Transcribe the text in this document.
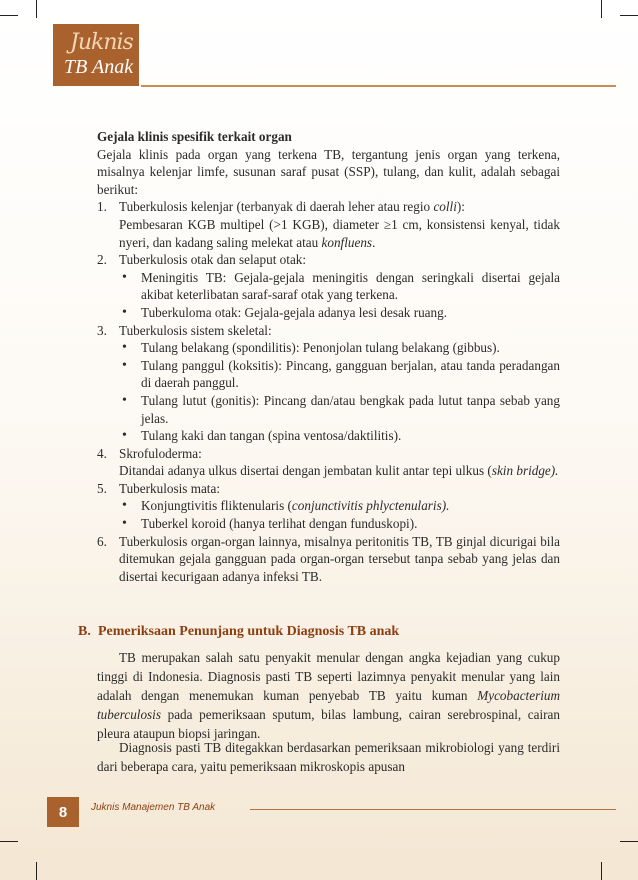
Juknis
TB Anak

Gejala klinis spesifik terkait organ

Gejala klinis pada organ yang terkena TB, tergantung jenis organ yang terkena, misalnya kelenjar limfe, susunan saraf pusat (SSP), tulang, dan kulit, adalah sebagai berikut:

1. Tuberkulosis kelenjar (terbanyak di daerah leher atau regio colli):
Pembesaran KGB multipel (>1 KGB), diameter ≥1 cm, konsistensi kenyal, tidak nyeri, dan kadang saling melekat atau konfluens.
2. Tuberkulosis otak dan selaput otak:
• Meningitis TB: Gejala-gejala meningitis dengan seringkali disertai gejala akibat keterlibatan saraf-saraf otak yang terkena.
• Tuberkuloma otak: Gejala-gejala adanya lesi desak ruang.
3. Tuberkulosis sistem skeletal:
• Tulang belakang (spondilitis): Penonjolan tulang belakang (gibbus).
• Tulang panggul (koksitis): Pincang, gangguan berjalan, atau tanda peradangan di daerah panggul.
• Tulang lutut (gonitis): Pincang dan/atau bengkak pada lutut tanpa sebab yang jelas.
• Tulang kaki dan tangan (spina ventosa/daktilitis).
4. Skrofuloderma:
Ditandai adanya ulkus disertai dengan jembatan kulit antar tepi ulkus (skin bridge).
5. Tuberkulosis mata:
• Konjungtivitis fliktenularis (conjunctivitis phlyctenularis).
• Tuberkel koroid (hanya terlihat dengan funduskopi).
6. Tuberkulosis organ-organ lainnya, misalnya peritonitis TB, TB ginjal dicurigai bila ditemukan gejala gangguan pada organ-organ tersebut tanpa sebab yang jelas dan disertai kecurigaan adanya infeksi TB.
B. Pemeriksaan Penunjang untuk Diagnosis TB anak

TB merupakan salah satu penyakit menular dengan angka kejadian yang cukup tinggi di Indonesia. Diagnosis pasti TB seperti lazimnya penyakit menular yang lain adalah dengan menemukan kuman penyebab TB yaitu kuman Mycobacterium tuberculosis pada pemeriksaan sputum, bilas lambung, cairan serebrospinal, cairan pleura ataupun biopsi jaringan.

Diagnosis pasti TB ditegakkan berdasarkan pemeriksaan mikrobiologi yang terdiri dari beberapa cara, yaitu pemeriksaan mikroskopis apusan

8	Juknis Manajemen TB Anak
